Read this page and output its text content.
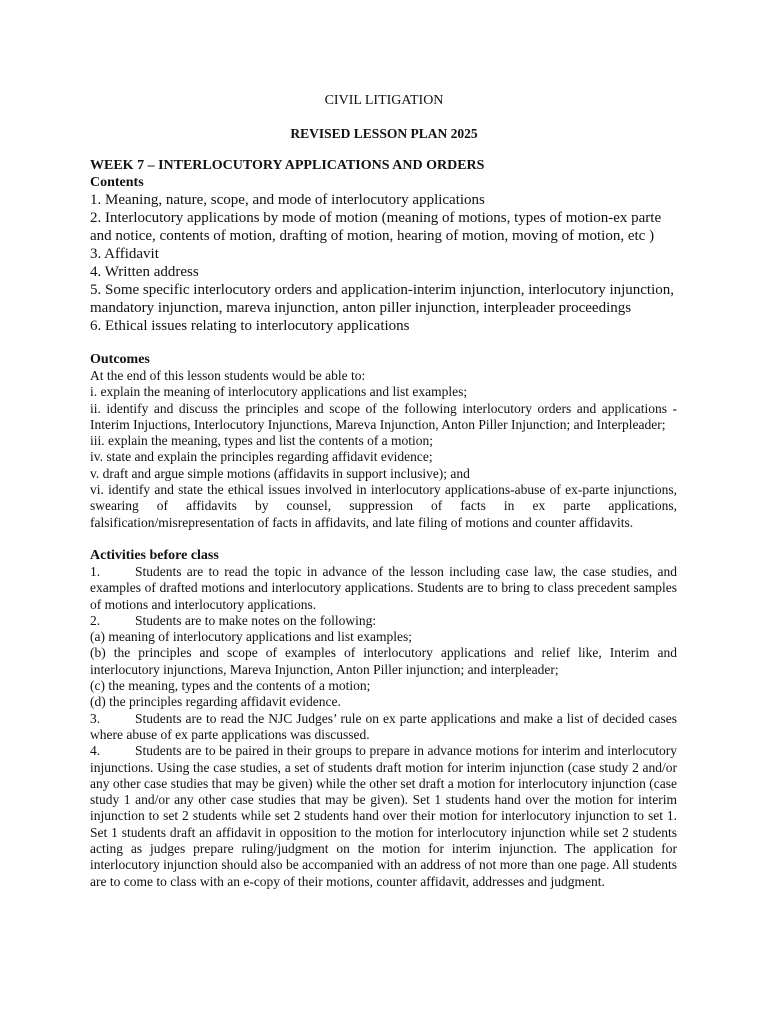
CIVIL LITIGATION
REVISED LESSON PLAN 2025

WEEK 7 – INTERLOCUTORY APPLICATIONS AND ORDERS

Contents

1. Meaning, nature, scope, and mode of interlocutory applications

2. Interlocutory applications by mode of motion (meaning of motions, types of motion-ex parte and notice, contents of motion, drafting of motion, hearing of motion, moving of motion, etc )

3. Affidavit

4. Written address

5. Some specific interlocutory orders and application-interim injunction, interlocutory injunction, mandatory injunction, mareva injunction, anton piller injunction, interpleader proceedings

6. Ethical issues relating to interlocutory applications

Outcomes

At the end of this lesson students would be able to:

i. explain the meaning of interlocutory applications and list examples;

ii. identify and discuss the principles and scope of the following interlocutory orders and applications - Interim Injuctions, Interlocutory Injunctions, Mareva Injunction, Anton Piller Injunction; and Interpleader;

iii. explain the meaning, types and list the contents of a motion;

iv. state and explain the principles regarding affidavit evidence;

v. draft and argue simple motions (affidavits in support inclusive); and

vi. identify and state the ethical issues involved in interlocutory applications-abuse of ex-parte injunctions, swearing of affidavits by counsel, suppression of facts in ex parte applications, falsification/misrepresentation of facts in affidavits, and late filing of motions and counter affidavits.

Activities before class

1.	Students are to read the topic in advance of the lesson including case law, the case studies, and examples of drafted motions and interlocutory applications. Students are to bring to class precedent samples of motions and interlocutory applications.

2.	Students are to make notes on the following:

(a) meaning of interlocutory applications and list examples;

(b) the principles and scope of examples of interlocutory applications and relief like, Interim and interlocutory injunctions, Mareva Injunction, Anton Piller injunction; and interpleader;

(c) the meaning, types and the contents of a motion;

(d) the principles regarding affidavit evidence.

3.	Students are to read the NJC Judges’ rule on ex parte applications and make a list of decided cases where abuse of ex parte applications was discussed.

4.	Students are to be paired in their groups to prepare in advance motions for interim and interlocutory injunctions. Using the case studies, a set of students draft motion for interim injunction (case study 2 and/or any other case studies that may be given) while the other set draft a motion for interlocutory injunction (case study 1 and/or any other case studies that may be given). Set 1 students hand over the motion for interim injunction to set 2 students while set 2 students hand over their motion for interlocutory injunction to set 1. Set 1 students draft an affidavit in opposition to the motion for interlocutory injunction while set 2 students acting as judges prepare ruling/judgment on the motion for interim injunction. The application for interlocutory injunction should also be accompanied with an address of not more than one page. All students are to come to class with an e-copy of their motions, counter affidavit, addresses and judgment.
